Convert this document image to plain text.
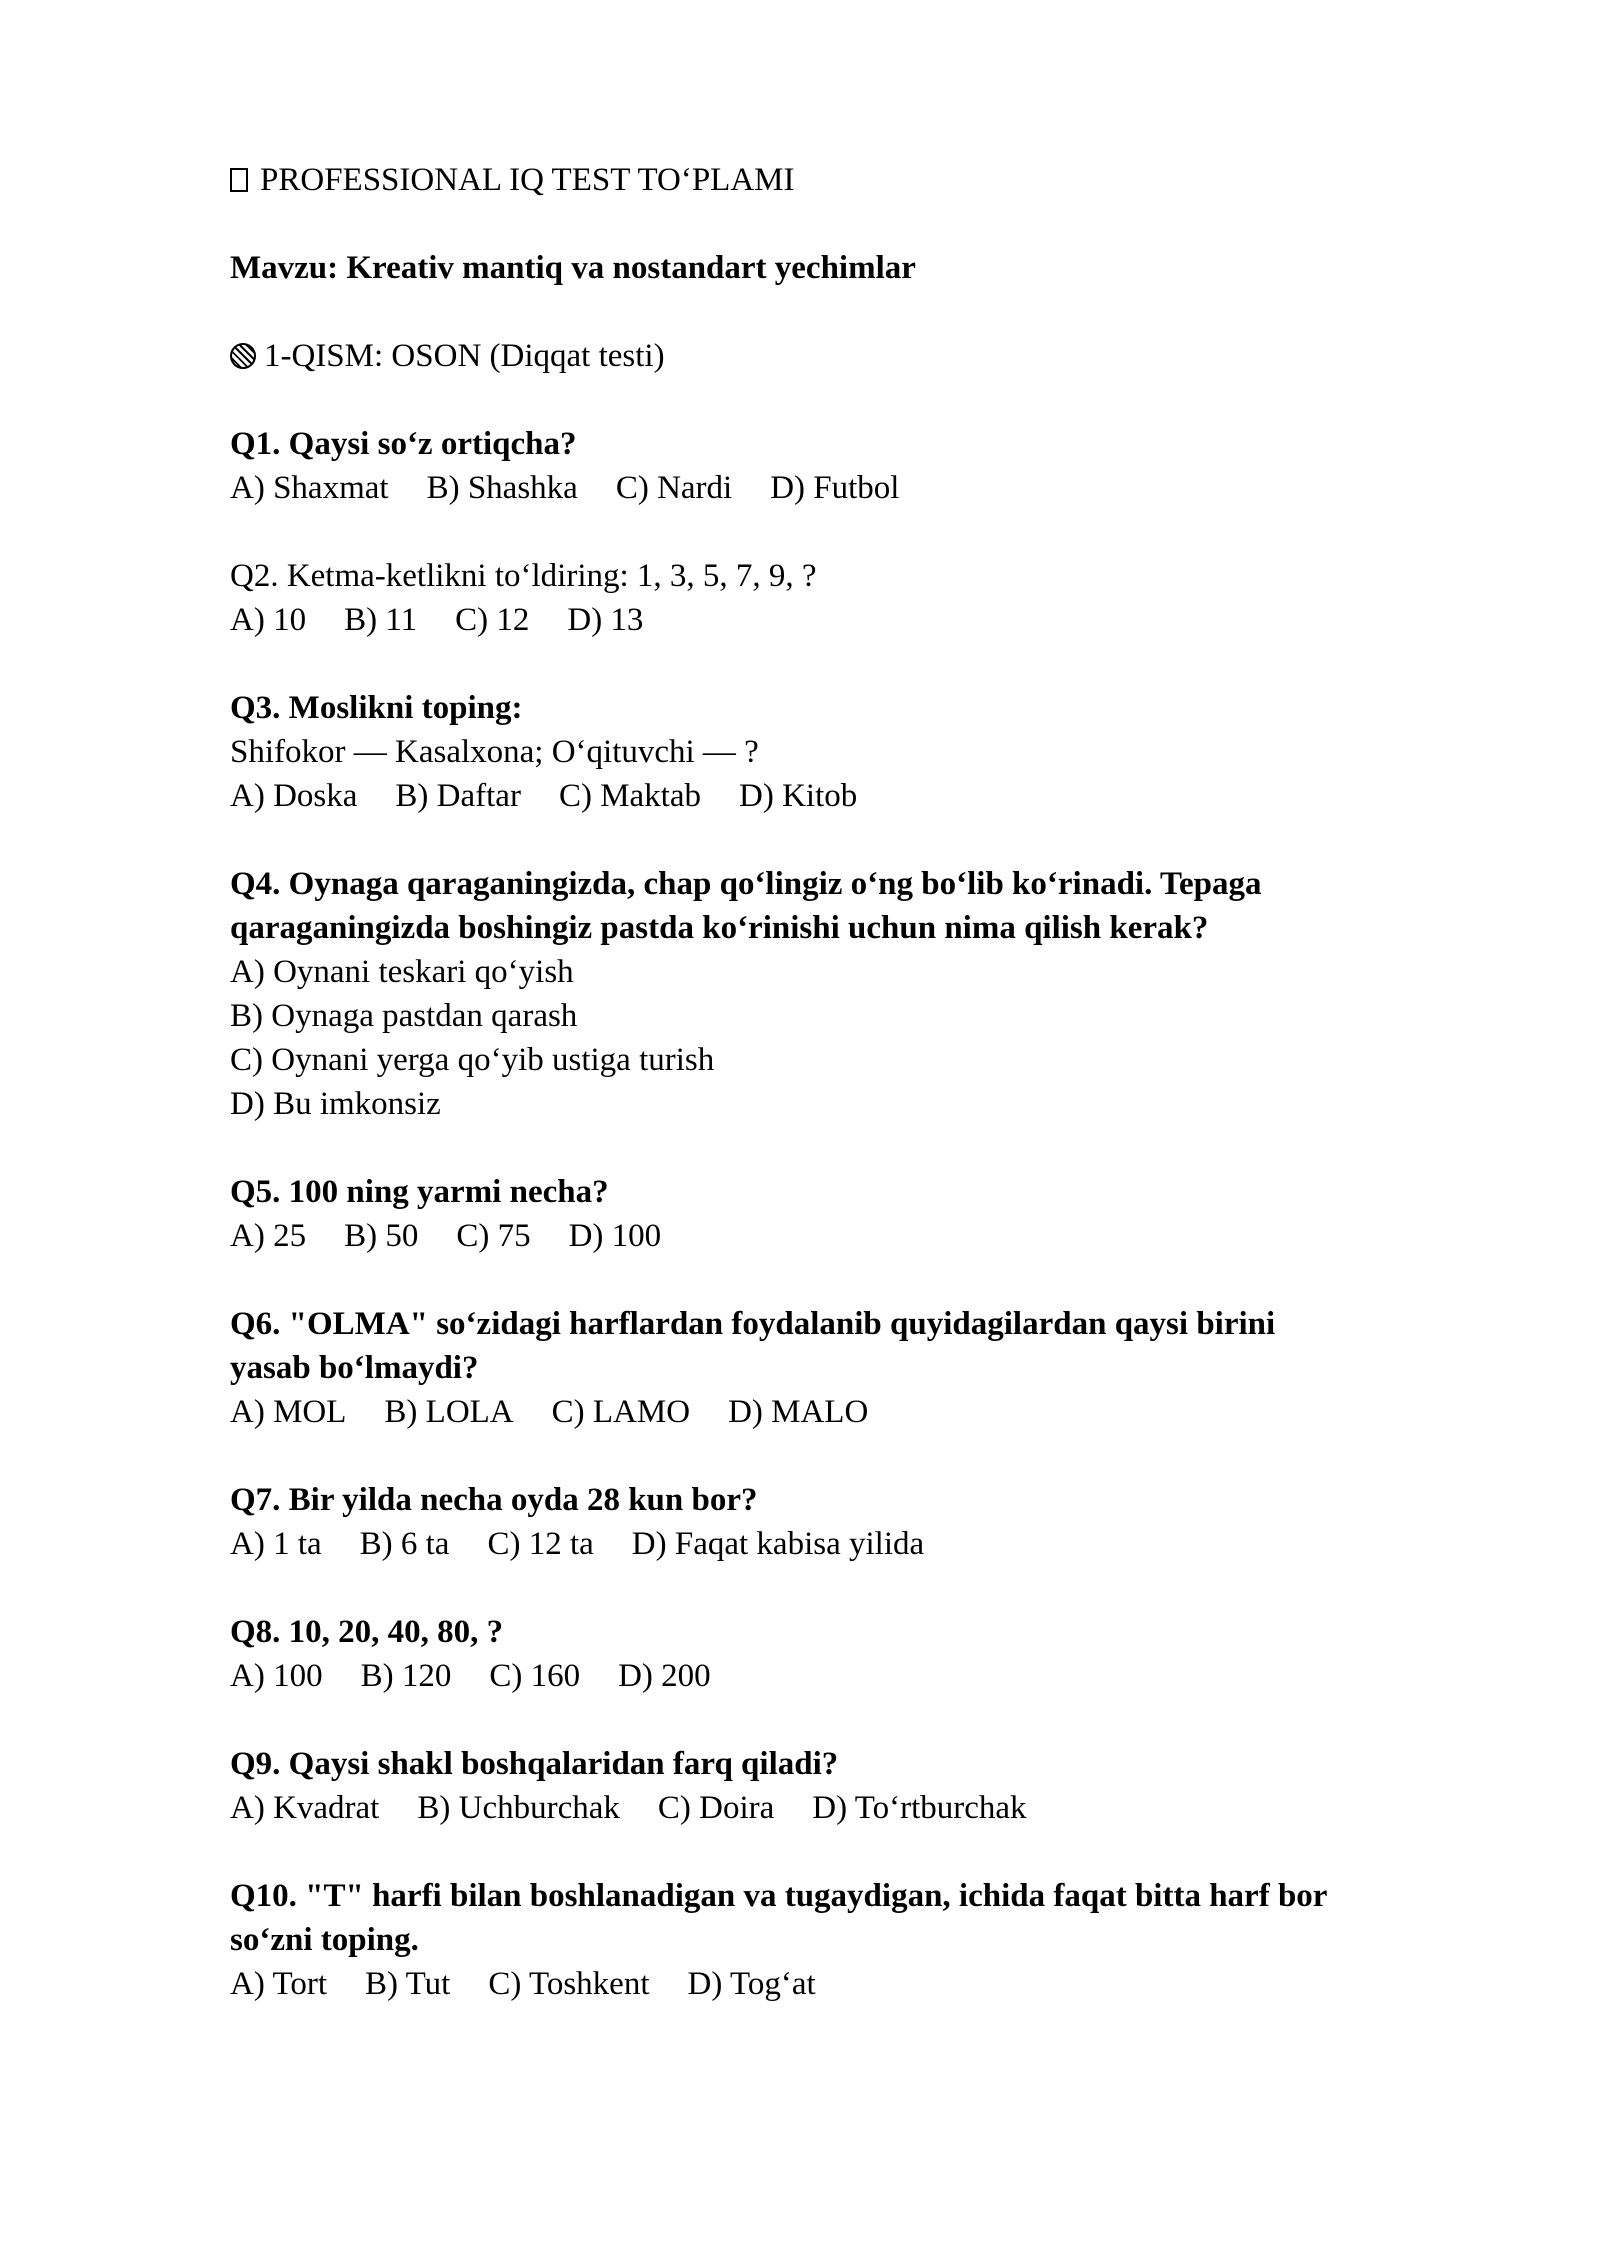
PROFESSIONAL IQ TEST TO‘PLAMI
Mavzu: Kreativ mantiq va nostandart yechimlar
1-QISM: OSON (Diqqat testi)
Q1. Qaysi so‘z ortiqcha?
A) Shaxmat B) Shashka C) Nardi D) Futbol
Q2. Ketma-ketlikni to‘ldiring: 1, 3, 5, 7, 9, ?
A) 10 B) 11 C) 12 D) 13
Q3. Moslikni toping:
Shifokor — Kasalxona; O‘qituvchi — ?
A) Doska B) Daftar C) Maktab D) Kitob
Q4. Oynaga qaraganingizda, chap qo‘lingiz o‘ng bo‘lib ko‘rinadi. Tepaga
qaraganingizda boshingiz pastda ko‘rinishi uchun nima qilish kerak?
A) Oynani teskari qo‘yish
B) Oynaga pastdan qarash
C) Oynani yerga qo‘yib ustiga turish
D) Bu imkonsiz
Q5. 100 ning yarmi necha?
A) 25 B) 50 C) 75 D) 100
Q6. "OLMA" so‘zidagi harflardan foydalanib quyidagilardan qaysi birini
yasab bo‘lmaydi?
A) MOL B) LOLA C) LAMO D) MALO
Q7. Bir yilda necha oyda 28 kun bor?
A) 1 ta B) 6 ta C) 12 ta D) Faqat kabisa yilida
Q8. 10, 20, 40, 80, ?
A) 100 B) 120 C) 160 D) 200
Q9. Qaysi shakl boshqalaridan farq qiladi?
A) Kvadrat B) Uchburchak C) Doira D) To‘rtburchak
Q10. "T" harfi bilan boshlanadigan va tugaydigan, ichida faqat bitta harf bor
so‘zni toping.
A) Tort B) Tut C) Toshkent D) Tog‘at
